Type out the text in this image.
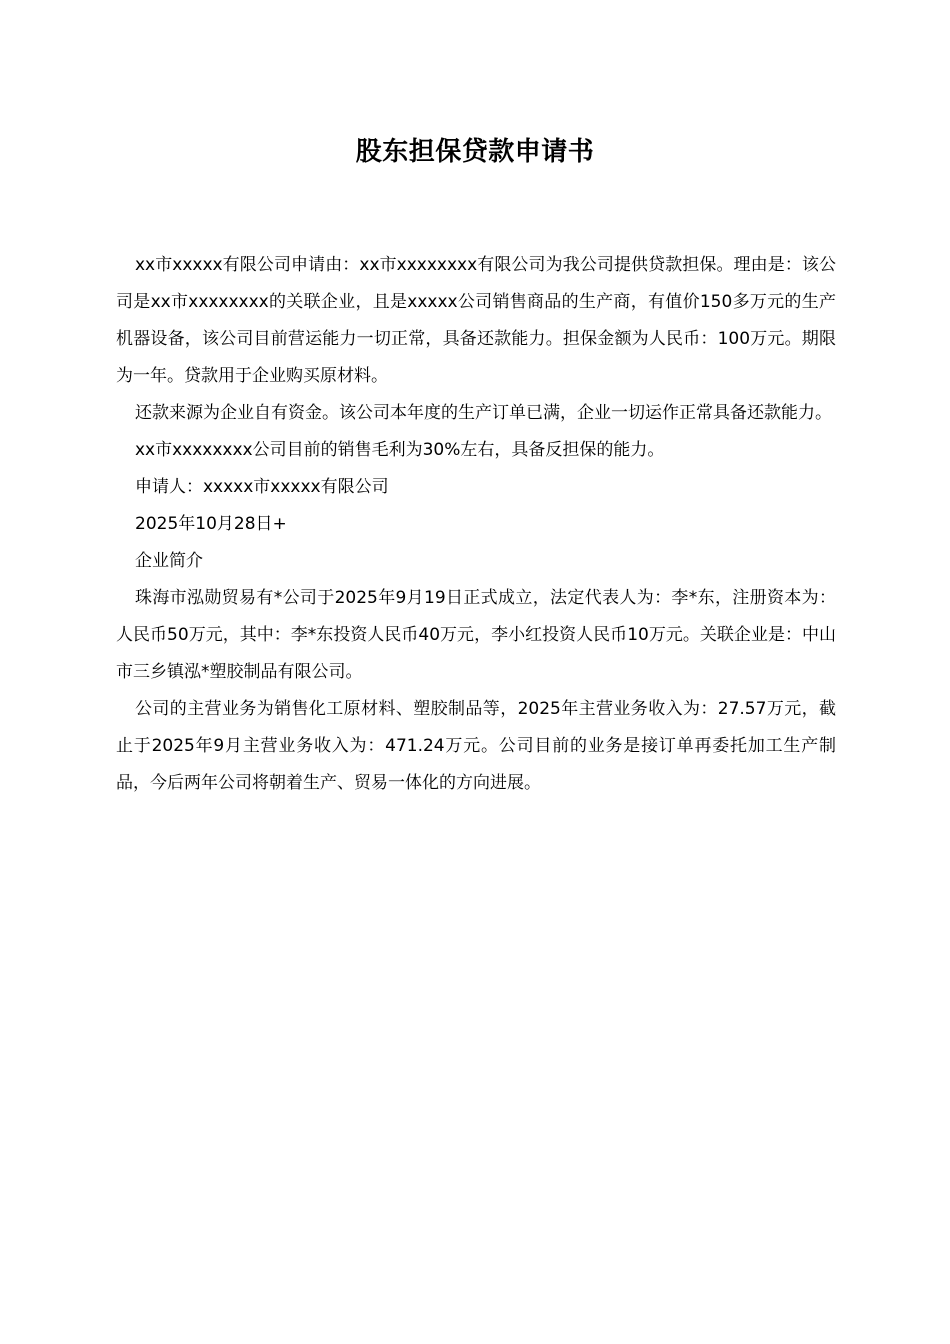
股东担保贷款申请书

xx市xxxxx有限公司申请由：xx市xxxxxxxx有限公司为我公司提供贷款担保。理由是：该公司是xx市xxxxxxxx的关联企业，且是xxxxx公司销售商品的生产商，有值价150多万元的生产机器设备，该公司目前营运能力一切正常，具备还款能力。担保金额为人民币：100万元。期限为一年。贷款用于企业购买原材料。

还款来源为企业自有资金。该公司本年度的生产订单已满，企业一切运作正常具备还款能力。

xx市xxxxxxxx公司目前的销售毛利为30%左右，具备反担保的能力。

申请人：xxxxx市xxxxx有限公司

2025年10月28日+

企业简介

珠海市泓勋贸易有*公司于2025年9月19日正式成立，法定代表人为：李*东，注册资本为：人民币50万元，其中：李*东投资人民币40万元，李小红投资人民币10万元。关联企业是：中山市三乡镇泓*塑胶制品有限公司。

公司的主营业务为销售化工原材料、塑胶制品等，2025年主营业务收入为：27.57万元，截止于2025年9月主营业务收入为：471.24万元。公司目前的业务是接订单再委托加工生产制品，今后两年公司将朝着生产、贸易一体化的方向进展。
